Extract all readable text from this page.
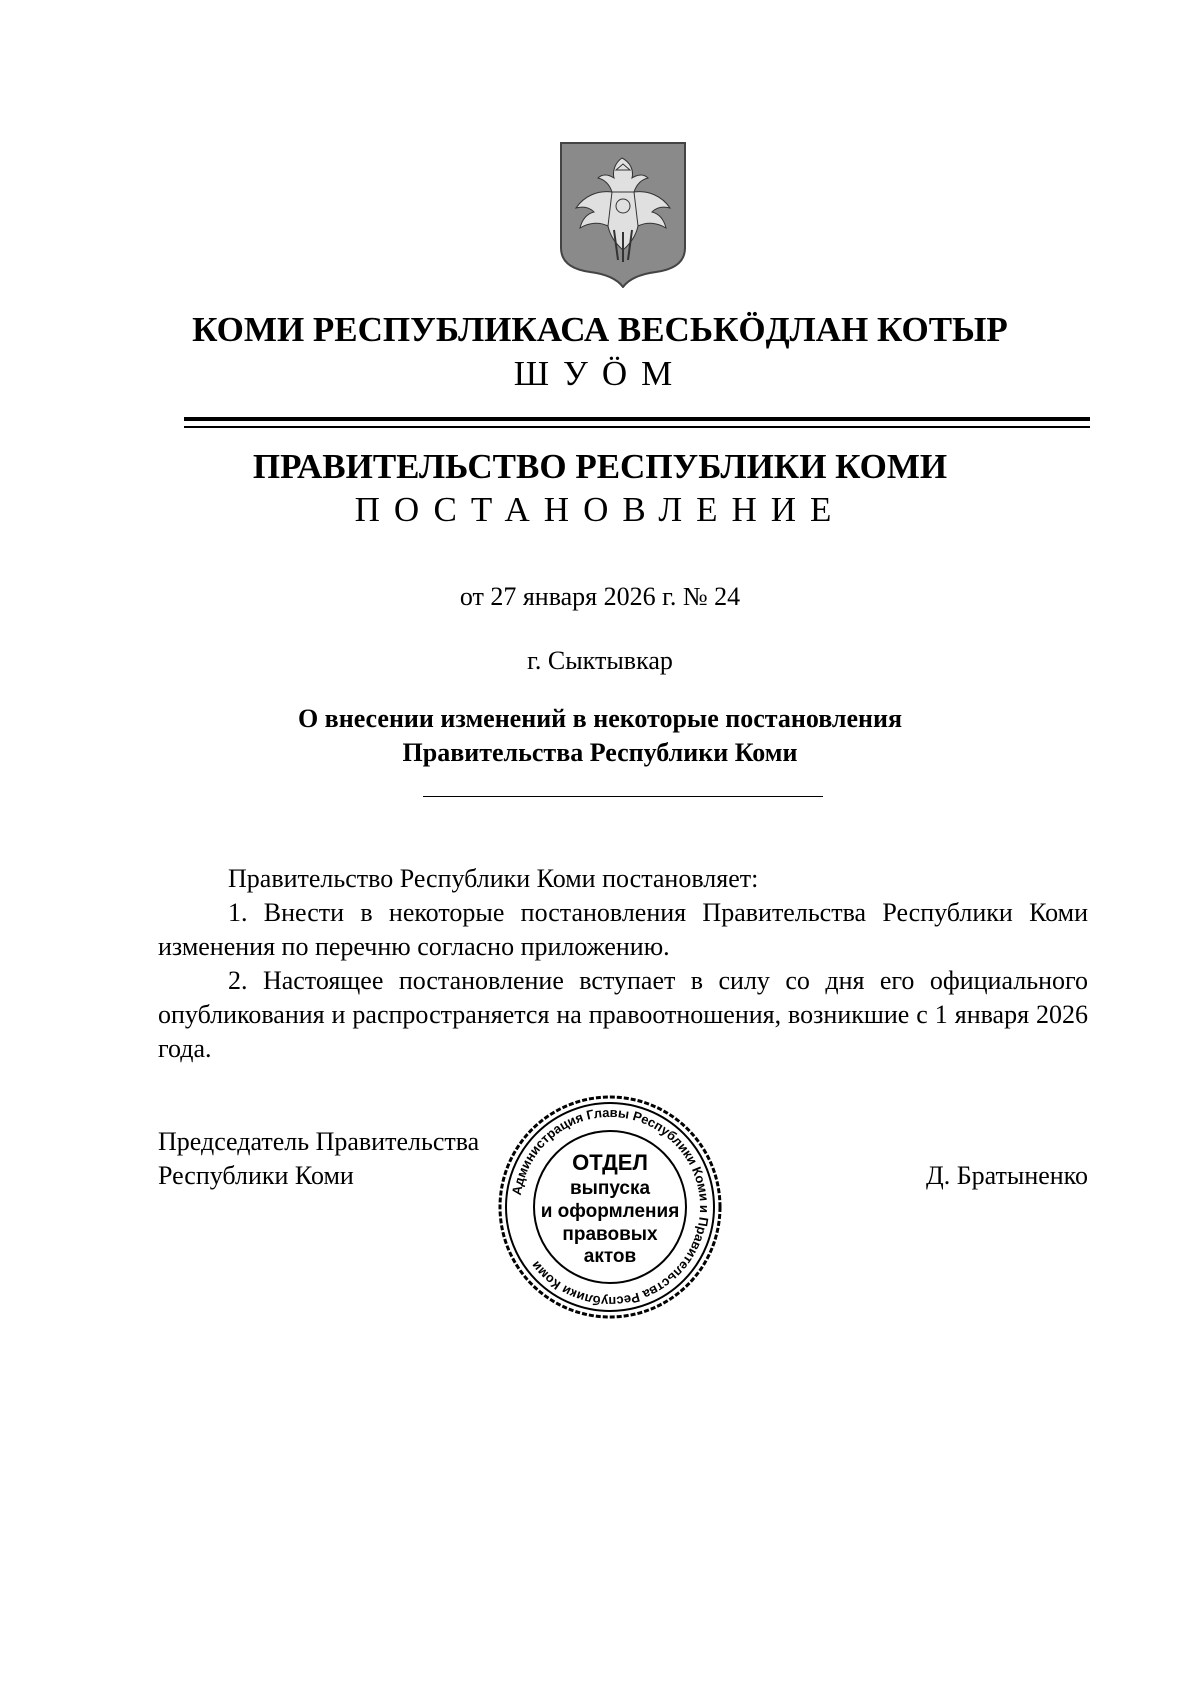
КОМИ РЕСПУБЛИКАСА ВЕСЬКӦДЛАН КОТЫР
ШУӦМ
ПРАВИТЕЛЬСТВО РЕСПУБЛИКИ КОМИ
ПОСТАНОВЛЕНИЕ
от 27 января 2026 г. № 24
г. Сыктывкар
О внесении изменений в некоторые постановления
Правительства Республики Коми

Правительство Республики Коми постановляет:

1. Внести в некоторые постановления Правительства Республики Коми изменения по перечню согласно приложению.

2. Настоящее постановление вступает в силу со дня его официального опубликования и распространяется на правоотношения, возникшие с 1 января 2026 года.

Председатель Правительства
Республики Коми	Д. Братыненко
Администрация Главы Республики Коми и Правительства Республики Коми
ОТДЕЛ
выпуска
и оформления
правовых
актов
